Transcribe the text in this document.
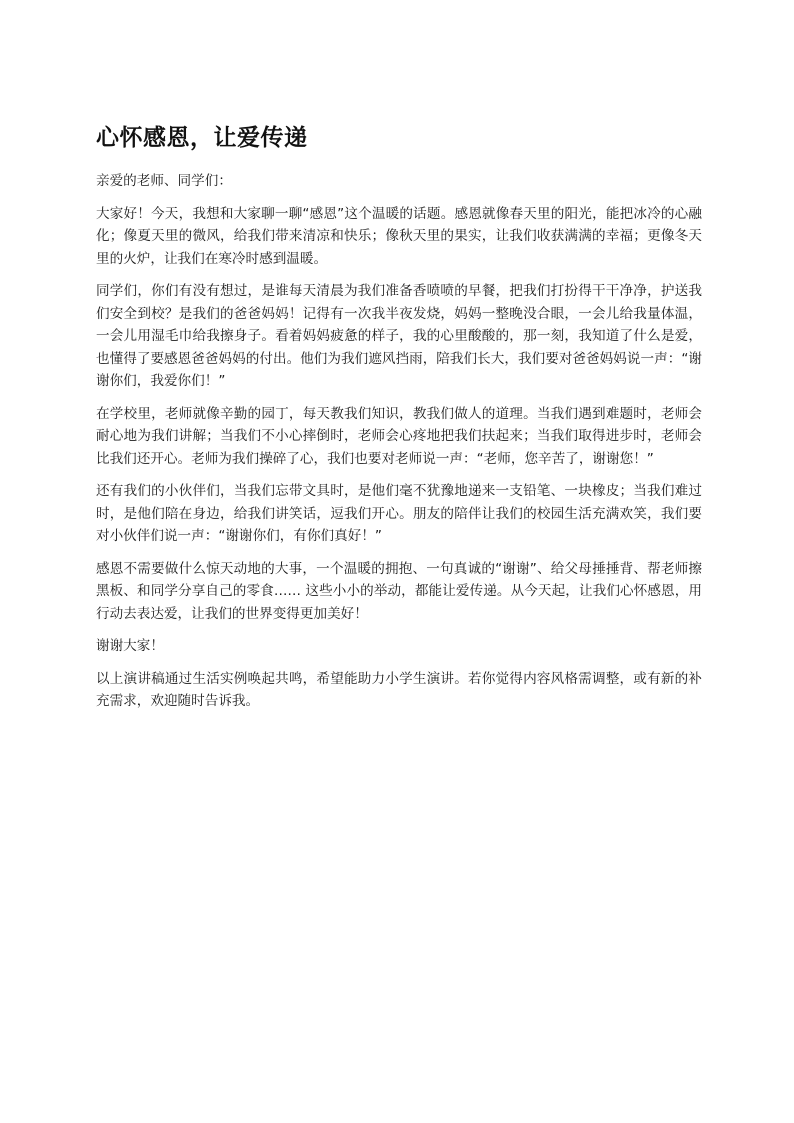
心怀感恩，让爱传递

亲爱的老师、同学们：

大家好！今天，我想和大家聊一聊“感恩”这个温暖的话题。感恩就像春天里的阳光，能把冰冷的心融化；像夏天里的微风，给我们带来清凉和快乐；像秋天里的果实，让我们收获满满的幸福；更像冬天里的火炉，让我们在寒冷时感到温暖。

同学们，你们有没有想过，是谁每天清晨为我们准备香喷喷的早餐，把我们打扮得干干净净，护送我们安全到校？是我们的爸爸妈妈！记得有一次我半夜发烧，妈妈一整晚没合眼，一会儿给我量体温，一会儿用湿毛巾给我擦身子。看着妈妈疲惫的样子，我的心里酸酸的，那一刻，我知道了什么是爱，也懂得了要感恩爸爸妈妈的付出。他们为我们遮风挡雨，陪我们长大，我们要对爸爸妈妈说一声：“谢谢你们，我爱你们！”

在学校里，老师就像辛勤的园丁，每天教我们知识，教我们做人的道理。当我们遇到难题时，老师会耐心地为我们讲解；当我们不小心摔倒时，老师会心疼地把我们扶起来；当我们取得进步时，老师会比我们还开心。老师为我们操碎了心，我们也要对老师说一声：“老师，您辛苦了，谢谢您！”

还有我们的小伙伴们，当我们忘带文具时，是他们毫不犹豫地递来一支铅笔、一块橡皮；当我们难过时，是他们陪在身边，给我们讲笑话，逗我们开心。朋友的陪伴让我们的校园生活充满欢笑，我们要对小伙伴们说一声：“谢谢你们，有你们真好！”

感恩不需要做什么惊天动地的大事，一个温暖的拥抱、一句真诚的“谢谢”、给父母捶捶背、帮老师擦黑板、和同学分享自己的零食…… 这些小小的举动，都能让爱传递。从今天起，让我们心怀感恩，用行动去表达爱，让我们的世界变得更加美好！

谢谢大家！

以上演讲稿通过生活实例唤起共鸣，希望能助力小学生演讲。若你觉得内容风格需调整，或有新的补充需求，欢迎随时告诉我。
